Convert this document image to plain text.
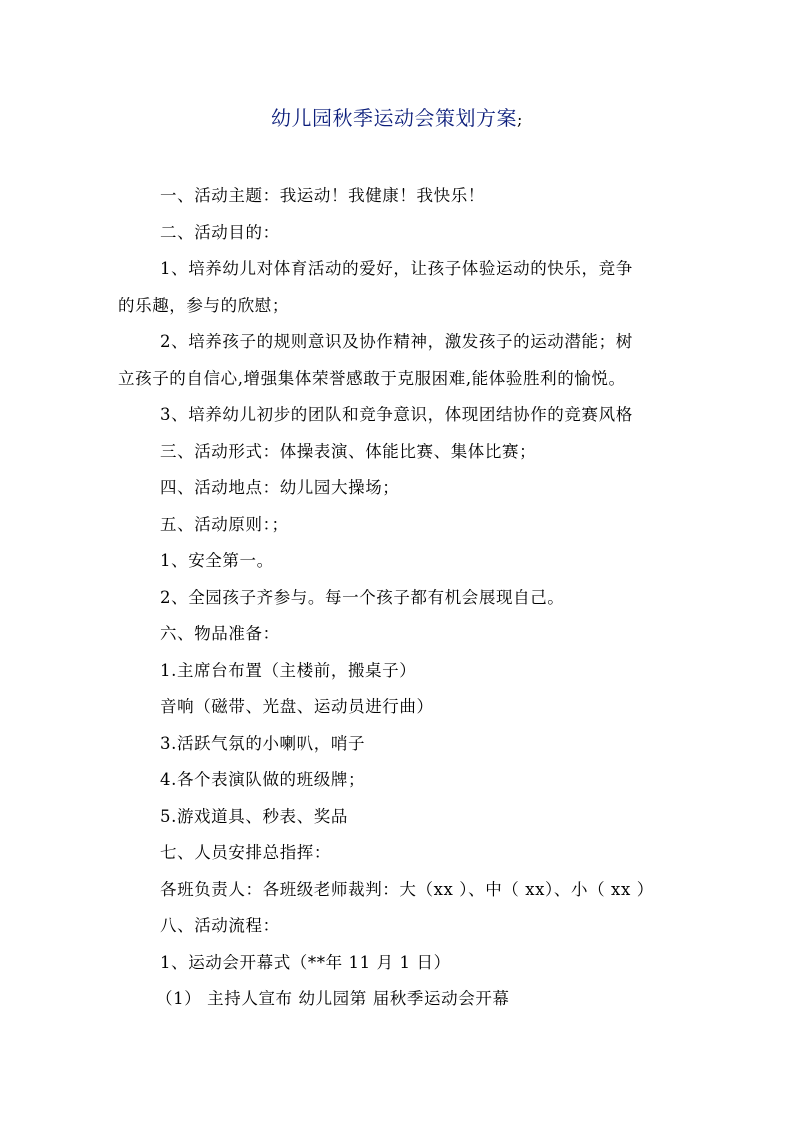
幼儿园秋季运动会策划方案;
一、活动主题：我运动！我健康！我快乐！
二、活动目的：
1、培养幼儿对体育活动的爱好，让孩子体验运动的快乐，竞争
的乐趣，参与的欣慰；
2、培养孩子的规则意识及协作精神，激发孩子的运动潜能；树
立孩子的自信心,增强集体荣誉感敢于克服困难,能体验胜利的愉悦。
3、培养幼儿初步的团队和竞争意识，体现团结协作的竞赛风格
三、活动形式：体操表演、体能比赛、集体比赛；
四、活动地点：幼儿园大操场；
五、活动原则：；
1、安全第一。
2、全园孩子齐参与。每一个孩子都有机会展现自己。
六、物品准备：
1.主席台布置（主楼前，搬桌子）
音响（磁带、光盘、运动员进行曲）
3.活跃气氛的小喇叭，哨子
4.各个表演队做的班级牌；
5.游戏道具、秒表、奖品
七、人员安排总指挥：
各班负责人：各班级老师裁判：大（xx ）、中（ xx）、小（ xx ）
八、活动流程：
1、运动会开幕式（**年 11 月 1 日）
（1） 主持人宣布 幼儿园第 届秋季运动会开幕
